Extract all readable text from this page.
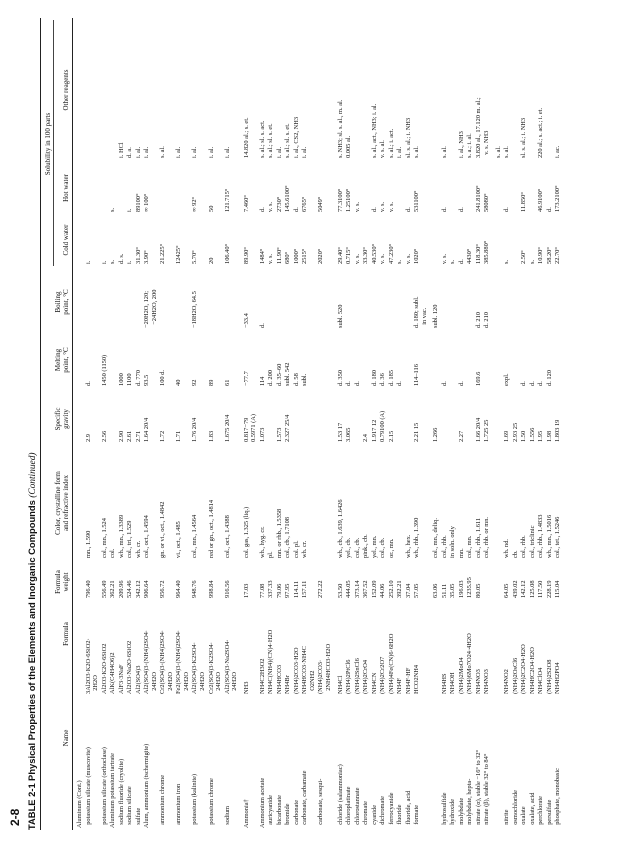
TABLE 2-1 Physical Properties of the Elements and Inorganic Compounds (Continued)
Name
Formula
Formula
weight
Color, crystalline form
and refractive index
Specific
gravity
Melting
point, °C
Boiling
point, °C
Solubility in 100 parts
Cold water
Hot water
Other reagents
Aluminum (Cont.) potassium silicate (muscovite)
3Al2O3·K2O·6SiO2·
2H2O
796.40
mn., 1.590
2.9
d.
i.
potassium silicate (orthoclase)
Al2O3·K2O·6SiO2
556.49
col., mn., 1.524
2.56
1450 (1150)
i.
Aluminum potassium tartrate
AlK(C4H4O6)2
362.21
col.
s.
s.
sodium fluoride (cryolite)
AlF3·3NaF
209.96
wh., mn., 1.3389
2.90
1000
d. s.
i. HCl
sodium silicate
Al2O3·Na2O·6SiO2
524.46
col., tri., 1.529
2.61
1100
i.
i.
d. a.
sulfate
Al2(SO4)3
342.12
wh. cr.
2.71
d. 770
31.30°
89100°
i. al.
Alum, ammonium (tschermigite)
Al2(SO4)3·(NH4)2SO4·
24H2O
906.64
col., oct., 1.4594
1.64 20/4
93.5
−20H2O, 120;
−24H2O, 200
3.90°
∞ 100°
i. al.
ammonium chrome
Cr2(SO4)3·(NH4)2SO4·
24H2O
956.72
gn. or vi., oct., 1.4842
1.72
100 d.
21.225°
s. al.
ammonium iron
Fe2(SO4)3·(NH4)2SO4·
24H2O
964.40
vi., oct., 1.485
1.71
40
12425°
i. al.
potassium (kalinite)
Al2(SO4)3·K2SO4·
24H2O
948.76
col., mn., 1.4564
1.76 20/4
92
−18H2O, 64.5
5.70°
∞ 92°
i. al.
potassium chrome
Cr2(SO4)3·K2SO4·
24H2O
998.84
red or gn., oct., 1.4814
1.83
89
20
50
i. al.
sodium
Al2(SO4)3·Na2SO4·
24H2O
916.56
col., oct., 1.4388
1.675 20/4
61
106.40°
121.715°
i. al.
Ammonia†
NH3
17.03
col. gas, 1.325 (liq.)
0.817−79
0.5971 (A)
−77.7
−33.4
89.90°
7.460°
14.820 al.; s. et.
Ammonium acetate
NH4C2H3O2
77.08
wh., hyg. cr.
1.073
114
d.
1484°
d.
s. al.; sl. s. act.
auricyanide
NH4C(NH4)(CN)4·H2O
337.33
pl.
d. 200
v. s.
v. s.
s. al.; sl. s. et.
bicarbonate
NH4HCO3
79.06
mn. or rhb., 1.5358
1.573
d. 35–60
11.90°
2730°
i. al.
bromide
NH4Br
97.95
col., cb., 1.7108
2.327 25/4
subl. 542
680°
145.6100°
s. al.; sl. s. et.
carbonate
(NH4)2CO3·H2O
114.11
col. pl.
d. 58
1000°
d.
i. al., CS2, NH3
carbonate, carbamate
NH4HCO3·NH4C
O2NH2
157.11
wh. cr.
subl.
2515°
6765°
i. al.
carbonate, sesqui-
(NH4)2CO3·
2NH4HCO3·H2O
272.22
2020°
5049°
chloride (salammoniac)
NH4Cl
53.50
wh., cb., 1.639, 1.6426
1.53 17
d. 350
subl. 520
29.40°
77.3100°
s. NH3; sl. s. al., m. al.
chloroplatinate
(NH4)2PtCl6
444.05
yel., cb.
3.065
d.
0.715°
1.25100°
0.005 al.
chlorostannate
(NH4)2SnCl6
373.14
col., cb.
d.
v. s.
v. s.
chromate
(NH4)2CrO4
367.52
pink., cb.
2.4
33.30°
cyanide
NH4CN
152.09
yel., mn.
1.917 12
d. 180
40.530°
d.
s. al., act., NH3; i. al.
dichromate
(NH4)2Cr2O7
44.06
col., cb.
0.79100 (A)
d. 36
v. s.
v. s.
v. s. al.
ferrocyanide
(NH4)4Fe(CN)6·6H2O
252.10
or., mn.
2.15
d. 185
47.230°
v. s.
s. al.; i. act.
fluoride
NH4F
392.21
d.
s.
i. al.
fluoride, acid
NH4F·HF
37.04
wh., hex.
v. s.
d.
sl. s. al.; i. NH3
formate
HCO2NH4
57.05
wh., rhb., 1.390
2.21 15
114–116
d. 180; subl.
in vac.
1020°
531100°
s. al.
63.06
col., mn., deliq.
1.266
subl. 120
hydrosulfide
NH4HS
51.11
col., rhb.
d.
v. s.
d.
s. al.
hydroxide
NH4OH
35.05
in soln. only
s.
molybdate
(NH4)2MoO4
196.03
mn.
2.27
d.
d.
d.
i. al., NH3
molybdate, hepta-
(NH4)6Mo7O24·4H2O
1235.95
col., mn.
4430°
s. a.; i. al.
nitrate (α), stable −16° to 32°
NH4NO3
80.05
col., rhb., 1.611
1.66 20/4
169.6
d. 210
118.30°
241.8100°
3.820 al., 17.120 m. al.;
nitrate (β), stable 32° to 84°
NH4NO3
col., rhb. or mn.
1.725 25
d. 210
385.880°
58080°
v. s. NH3 s. al.
nitrite
NH4NO2
64.05
wh. nd.
1.69
expl.
s.
d.
s. al.
osmochloride
(NH4)2OsCl6
439.02
cb.
2.93 25
oxalate
(NH4)2C2O4·H2O
142.12
col., rhb.
1.50
d.
2.50°
11.850°
sl. s. al.; i. NH3
oxalate, acid
NH4HC2O4·H2O
125.08
col., triclinic
1.556
d.
s.
perchlorate
NH4ClO4
117.50
col., rhb., 1.4833
1.95
d.
10.90°
46.9100°
220 al.; s. act.; i. et.
persulfate
(NH4)2S2O8
228.19
wh., mn., 1.5016
1.98
d. 120
58.20°
d.
phosphate, monobasic
NH4H2PO4
115.04
col., tet., 1.5246
1.803 19
22.70°
173.2100°
i. ac.
2-8
